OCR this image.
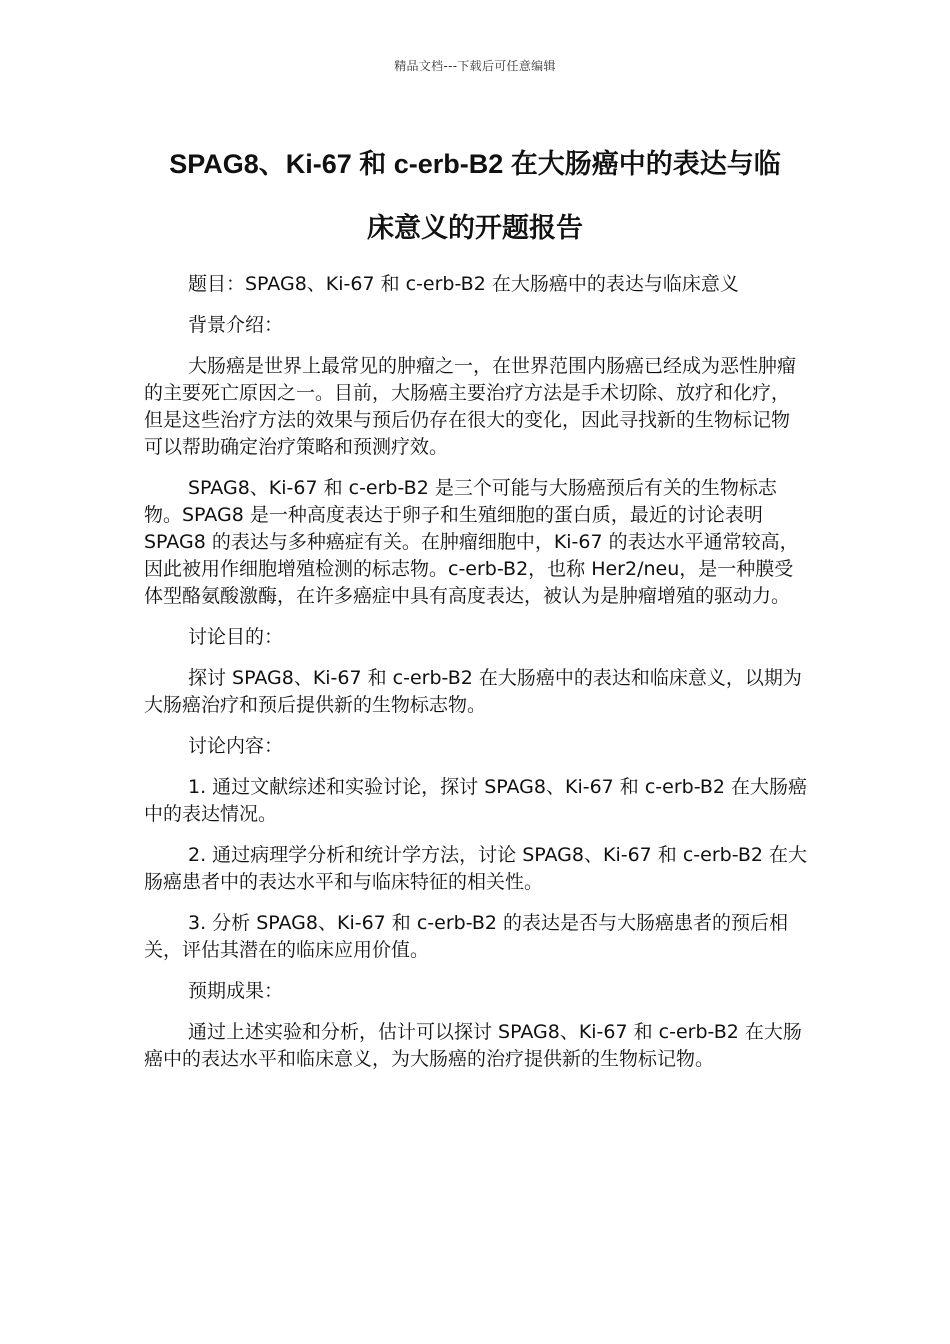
精品文档---下载后可任意编辑
SPAG8、Ki-67 和 c-erb-B2 在大肠癌中的表达与临
床意义的开题报告

题目：SPAG8、Ki-67 和 c-erb-B2 在大肠癌中的表达与临床意义

背景介绍：

大肠癌是世界上最常见的肿瘤之一，在世界范围内肠癌已经成为恶性肿瘤的主要死亡原因之一。目前，大肠癌主要治疗方法是手术切除、放疗和化疗，但是这些治疗方法的效果与预后仍存在很大的变化，因此寻找新的生物标记物可以帮助确定治疗策略和预测疗效。

SPAG8、Ki-67 和 c-erb-B2 是三个可能与大肠癌预后有关的生物标志物。SPAG8 是一种高度表达于卵子和生殖细胞的蛋白质，最近的讨论表明 SPAG8 的表达与多种癌症有关。在肿瘤细胞中，Ki-67 的表达水平通常较高，因此被用作细胞增殖检测的标志物。c-erb-B2，也称 Her2/neu，是一种膜受体型酪氨酸激酶，在许多癌症中具有高度表达，被认为是肿瘤增殖的驱动力。

讨论目的：

探讨 SPAG8、Ki-67 和 c-erb-B2 在大肠癌中的表达和临床意义，以期为大肠癌治疗和预后提供新的生物标志物。

讨论内容：

1. 通过文献综述和实验讨论，探讨 SPAG8、Ki-67 和 c-erb-B2 在大肠癌中的表达情况。

2. 通过病理学分析和统计学方法，讨论 SPAG8、Ki-67 和 c-erb-B2 在大肠癌患者中的表达水平和与临床特征的相关性。

3. 分析 SPAG8、Ki-67 和 c-erb-B2 的表达是否与大肠癌患者的预后相关，评估其潜在的临床应用价值。

预期成果：

通过上述实验和分析，估计可以探讨 SPAG8、Ki-67 和 c-erb-B2 在大肠癌中的表达水平和临床意义，为大肠癌的治疗提供新的生物标记物。
